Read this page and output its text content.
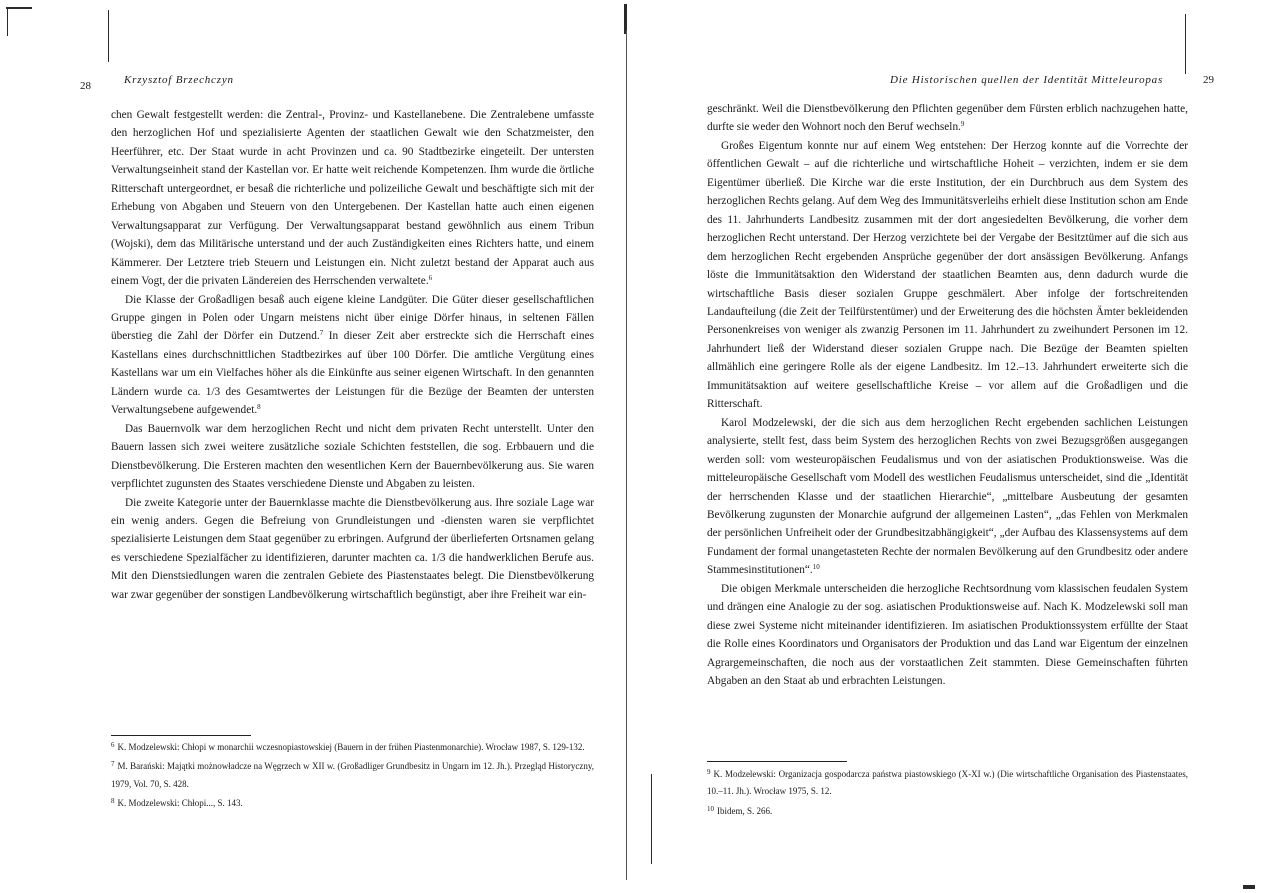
28	Krzysztof Brzechczyn

chen Gewalt festgestellt werden: die Zentral-, Provinz- und Kastellanebene. Die Zentralebene umfasste den herzoglichen Hof und spezialisierte Agenten der staatlichen Gewalt wie den Schatzmeister, den Heerführer, etc. Der Staat wurde in acht Provinzen und ca. 90 Stadtbezirke eingeteilt. Der untersten Verwaltungseinheit stand der Kastellan vor. Er hatte weit reichende Kompetenzen. Ihm wurde die örtliche Ritterschaft untergeordnet, er besaß die richterliche und polizeiliche Gewalt und beschäftigte sich mit der Erhebung von Abgaben und Steuern von den Untergebenen. Der Kastellan hatte auch einen eigenen Verwaltungsapparat zur Verfügung. Der Verwaltungsapparat bestand gewöhnlich aus einem Tribun (Wojski), dem das Militärische unterstand und der auch Zuständigkeiten eines Richters hatte, und einem Kämmerer. Der Letztere trieb Steuern und Leistungen ein. Nicht zuletzt bestand der Apparat auch aus einem Vogt, der die privaten Ländereien des Herrschenden verwaltete.$^6$

Die Klasse der Großadligen besaß auch eigene kleine Landgüter. Die Güter dieser gesellschaftlichen Gruppe gingen in Polen oder Ungarn meistens nicht über einige Dörfer hinaus, in seltenen Fällen überstieg die Zahl der Dörfer ein Dutzend.$^7$ In dieser Zeit aber erstreckte sich die Herrschaft eines Kastellans eines durchschnittlichen Stadtbezirkes auf über 100 Dörfer. Die amtliche Vergütung eines Kastellans war um ein Vielfaches höher als die Einkünfte aus seiner eigenen Wirtschaft. In den genannten Ländern wurde ca. 1/3 des Gesamtwertes der Leistungen für die Bezüge der Beamten der untersten Verwaltungsebene aufgewendet.$^8$

Das Bauernvolk war dem herzoglichen Recht und nicht dem privaten Recht unterstellt. Unter den Bauern lassen sich zwei weitere zusätzliche soziale Schichten feststellen, die sog. Erbbauern und die Dienstbevölkerung. Die Ersteren machten den wesentlichen Kern der Bauernbevölkerung aus. Sie waren verpflichtet zugunsten des Staates verschiedene Dienste und Abgaben zu leisten.

Die zweite Kategorie unter der Bauernklasse machte die Dienstbevölkerung aus. Ihre soziale Lage war ein wenig anders. Gegen die Befreiung von Grundleistungen und -diensten waren sie verpflichtet spezialisierte Leistungen dem Staat gegenüber zu erbringen. Aufgrund der überlieferten Ortsnamen gelang es verschiedene Spezialfächer zu identifizieren, darunter machten ca. 1/3 die handwerklichen Berufe aus. Mit den Dienstsiedlungen waren die zentralen Gebiete des Piastenstaates belegt. Die Dienstbevölkerung war zwar gegenüber der sonstigen Landbevölkerung wirtschaftlich begünstigt, aber ihre Freiheit war ein-

$^6$ K. Modzelewski: Chłopi w monarchii wczesnopiastowskiej (Bauern in der frühen Piastenmonarchie). Wrocław 1987, S. 129-132.

$^7$ M. Barański: Majątki możnowładcze na Węgrzech w XII w. (Großadliger Grundbesitz in Ungarn im 12. Jh.). Przegląd Historyczny, 1979, Vol. 70, S. 428.

$^8$ K. Modzelewski: Chłopi..., S. 143.

Die Historischen quellen der Identität Mitteleuropas	29

geschränkt. Weil die Dienstbevölkerung den Pflichten gegenüber dem Fürsten erblich nachzugehen hatte, durfte sie weder den Wohnort noch den Beruf wechseln.$^9$

Großes Eigentum konnte nur auf einem Weg entstehen: Der Herzog konnte auf die Vorrechte der öffentlichen Gewalt – auf die richterliche und wirtschaftliche Hoheit – verzichten, indem er sie dem Eigentümer überließ. Die Kirche war die erste Institution, der ein Durchbruch aus dem System des herzoglichen Rechts gelang. Auf dem Weg des Immunitätsverleihs erhielt diese Institution schon am Ende des 11. Jahrhunderts Landbesitz zusammen mit der dort angesiedelten Bevölkerung, die vorher dem herzoglichen Recht unterstand. Der Herzog verzichtete bei der Vergabe der Besitztümer auf die sich aus dem herzoglichen Recht ergebenden Ansprüche gegenüber der dort ansässigen Bevölkerung. Anfangs löste die Immunitätsaktion den Widerstand der staatlichen Beamten aus, denn dadurch wurde die wirtschaftliche Basis dieser sozialen Gruppe geschmälert. Aber infolge der fortschreitenden Landaufteilung (die Zeit der Teilfürstentümer) und der Erweiterung des die höchsten Ämter bekleidenden Personenkreises von weniger als zwanzig Personen im 11. Jahrhundert zu zweihundert Personen im 12. Jahrhundert ließ der Widerstand dieser sozialen Gruppe nach. Die Bezüge der Beamten spielten allmählich eine geringere Rolle als der eigene Landbesitz. Im 12.–13. Jahrhundert erweiterte sich die Immunitätsaktion auf weitere gesellschaftliche Kreise – vor allem auf die Großadligen und die Ritterschaft.

Karol Modzelewski, der die sich aus dem herzoglichen Recht ergebenden sachlichen Leistungen analysierte, stellt fest, dass beim System des herzoglichen Rechts von zwei Bezugsgrößen ausgegangen werden soll: vom westeuropäischen Feudalismus und von der asiatischen Produktionsweise. Was die mitteleuropäische Gesellschaft vom Modell des westlichen Feudalismus unterscheidet, sind die „Identität der herrschenden Klasse und der staatlichen Hierarchie“, „mittelbare Ausbeutung der gesamten Bevölkerung zugunsten der Monarchie aufgrund der allgemeinen Lasten“, „das Fehlen von Merkmalen der persönlichen Unfreiheit oder der Grundbesitzabhängigkeit“, „der Aufbau des Klassensystems auf dem Fundament der formal unangetasteten Rechte der normalen Bevölkerung auf den Grundbesitz oder andere Stammesinstitutionen“.$^{10}$

Die obigen Merkmale unterscheiden die herzogliche Rechtsordnung vom klassischen feudalen System und drängen eine Analogie zu der sog. asiatischen Produktionsweise auf. Nach K. Modzelewski soll man diese zwei Systeme nicht miteinander identifizieren. Im asiatischen Produktionssystem erfüllte der Staat die Rolle eines Koordinators und Organisators der Produktion und das Land war Eigentum der einzelnen Agrargemeinschaften, die noch aus der vorstaatlichen Zeit stammten. Diese Gemeinschaften führten Abgaben an den Staat ab und erbrachten Leistungen.

$^9$ K. Modzelewski: Organizacja gospodarcza państwa piastowskiego (X-XI w.) (Die wirtschaftliche Organisation des Piastenstaates, 10.–11. Jh.). Wrocław 1975, S. 12.

$^{10}$ Ibidem, S. 266.
